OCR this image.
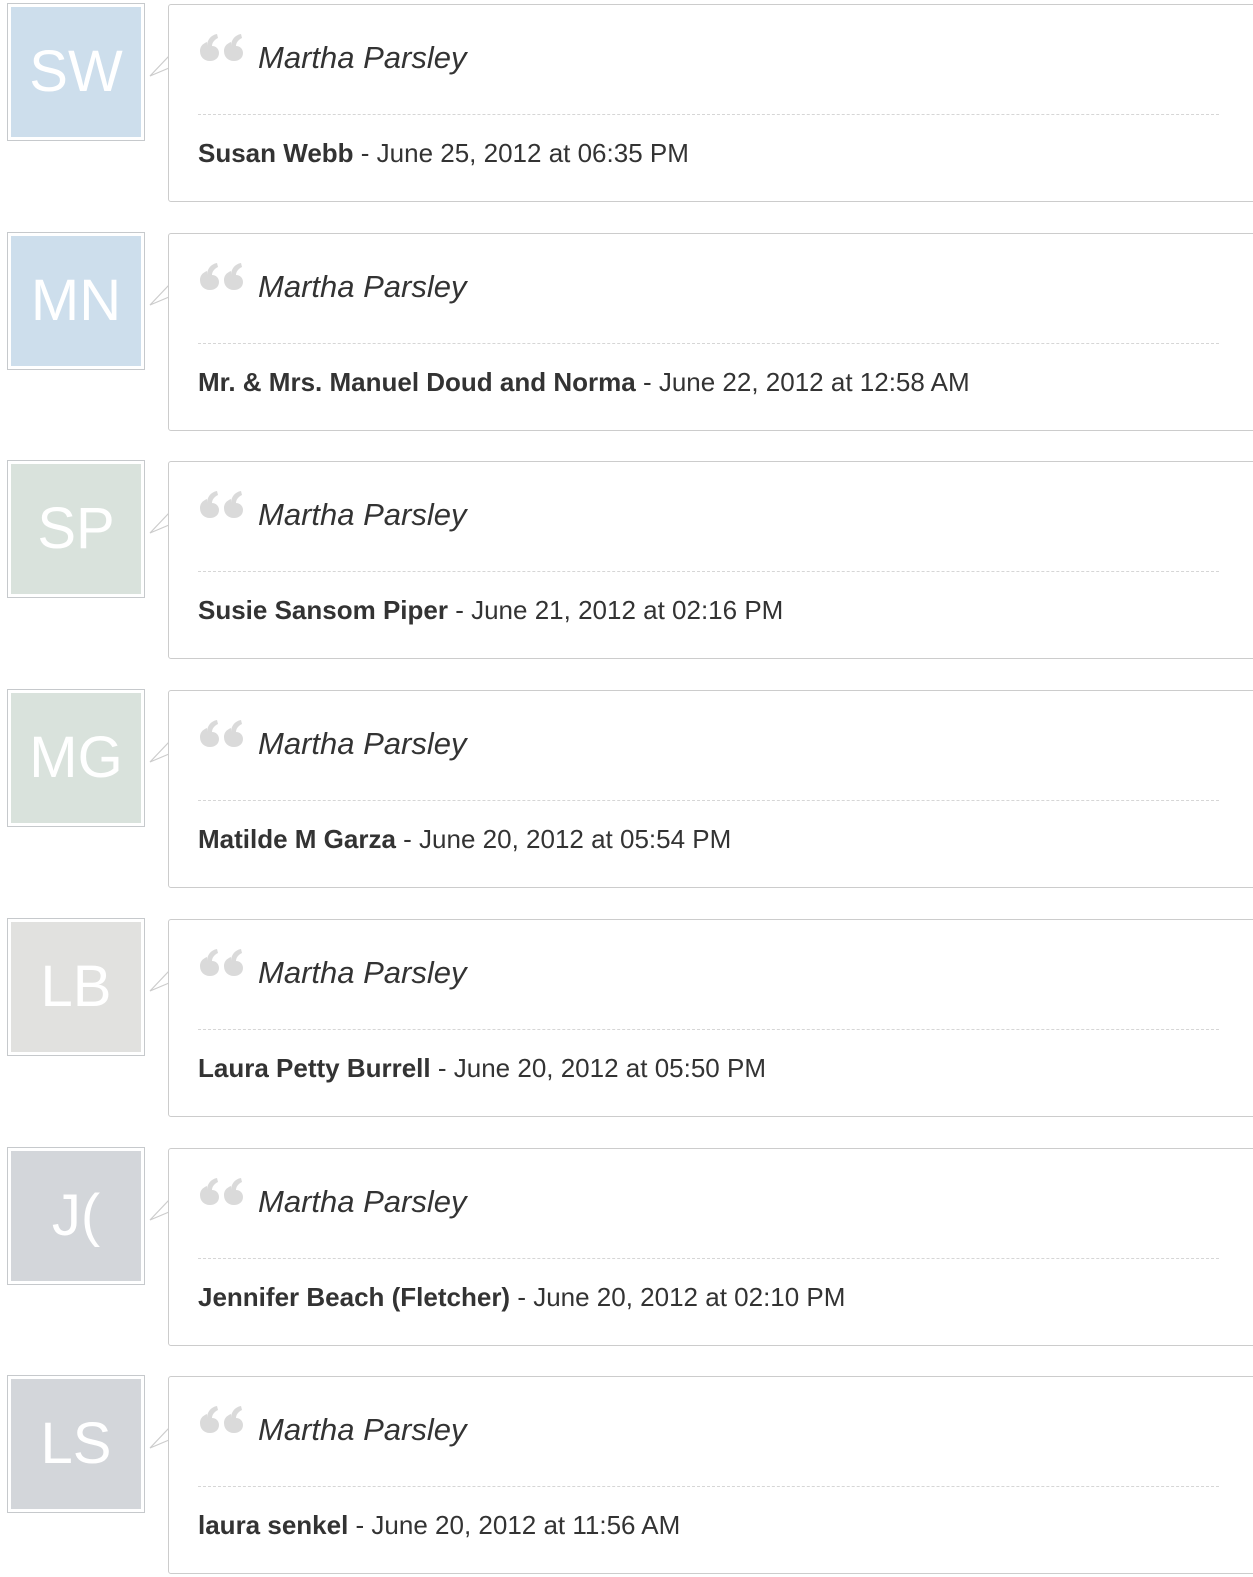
SW	Martha Parsley
Susan Webb - June 25, 2012 at 06:35 PM
MN	Martha Parsley
Mr. & Mrs. Manuel Doud and Norma - June 22, 2012 at 12:58 AM
SP	Martha Parsley
Susie Sansom Piper - June 21, 2012 at 02:16 PM
MG	Martha Parsley
Matilde M Garza - June 20, 2012 at 05:54 PM
LB	Martha Parsley
Laura Petty Burrell - June 20, 2012 at 05:50 PM
J(	Martha Parsley
Jennifer Beach (Fletcher) - June 20, 2012 at 02:10 PM
LS	Martha Parsley
laura senkel - June 20, 2012 at 11:56 AM
